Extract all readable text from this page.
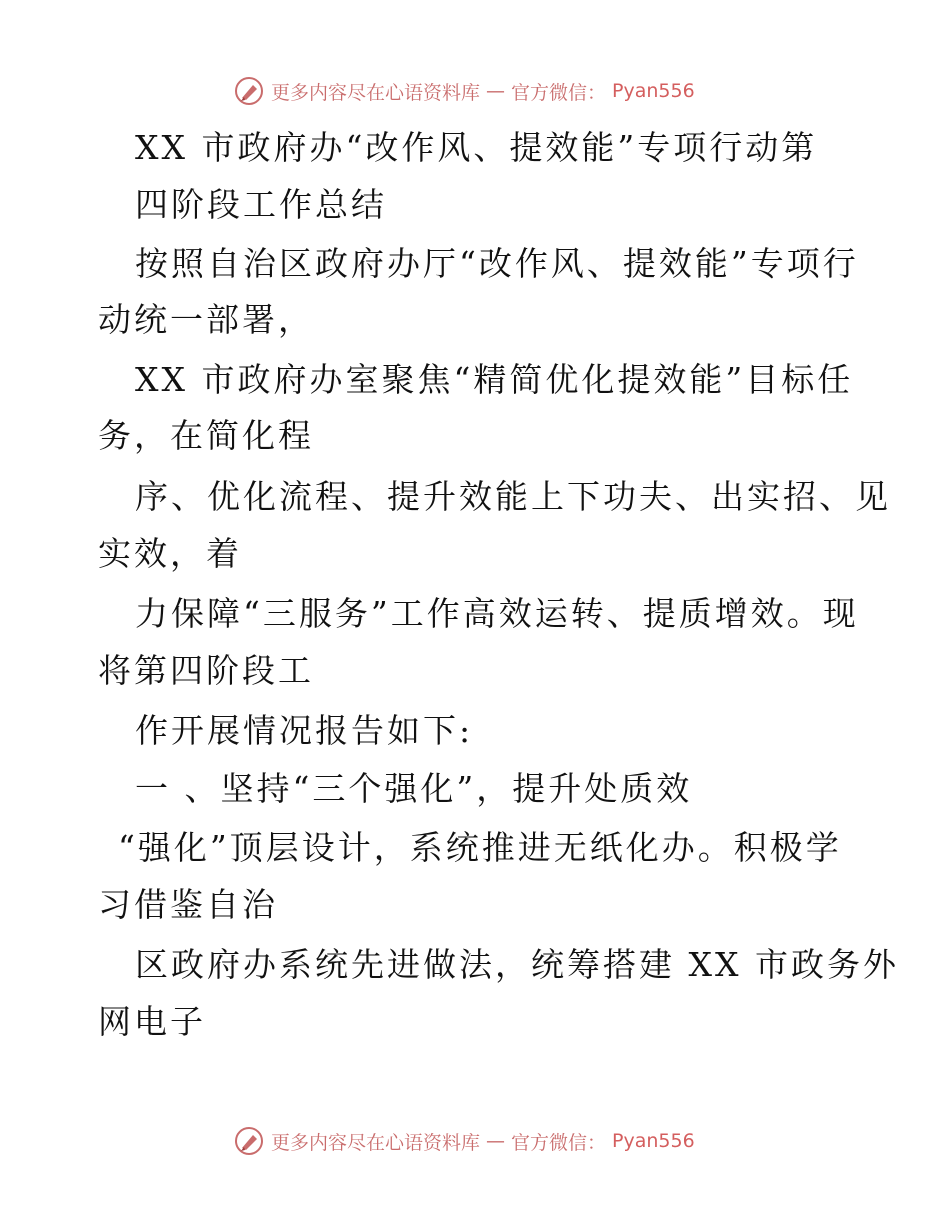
更多内容尽在心语资料库 — 官方微信： Pyan556
XX 市政府办“改作风、提效能”专项行动第
四阶段工作总结
按照自治区政府办厅“改作风、提效能”专项行
动统一部署，
XX 市政府办室聚焦“精简优化提效能”目标任
务，在简化程
序、优化流程、提升效能上下功夫、出实招、见
实效，着
力保障“三服务”工作高效运转、提质增效。现
将第四阶段工
作开展情况报告如下:
一 、坚持“三个强化”，提升处质效
“强化”顶层设计，系统推进无纸化办。积极学
习借鉴自治
区政府办系统先进做法，统筹搭建 XX 市政务外
网电子
更多内容尽在心语资料库 — 官方微信： Pyan556
